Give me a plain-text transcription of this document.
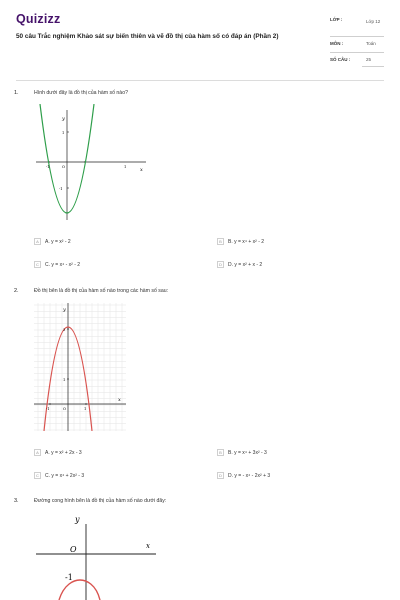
Quizizz
50 câu Trắc nghiệm Khảo sát sự biến thiên và vẽ đồ thị của hàm số có đáp án (Phần 2)
LỚP :	Lớp 12
MÔN :	Toán
SỐ CÂU :	25
1.	Hình dưới đây là đồ thị của hàm số nào?
y
x
O
1
-1
-1	1
A	A. y = x² - 2	B	B. y = x⁴ + x² - 2
C	C. y = x⁴ - x² - 2	D	D. y = x² + x - 2
2.	Đồ thị bên là đồ thị của hàm số nào trong các hàm số sau:
y
x
O
3
1
-1	1
A	A. y = x² + 2x - 3	B	B. y = x⁴ + 3x² - 3
C	C. y = x⁴ + 2x² - 3	D	D. y = - x⁴ - 2x² + 3
3.	Đường cong hình bên là đồ thị của hàm số nào dưới đây:
y
x
O
-1
